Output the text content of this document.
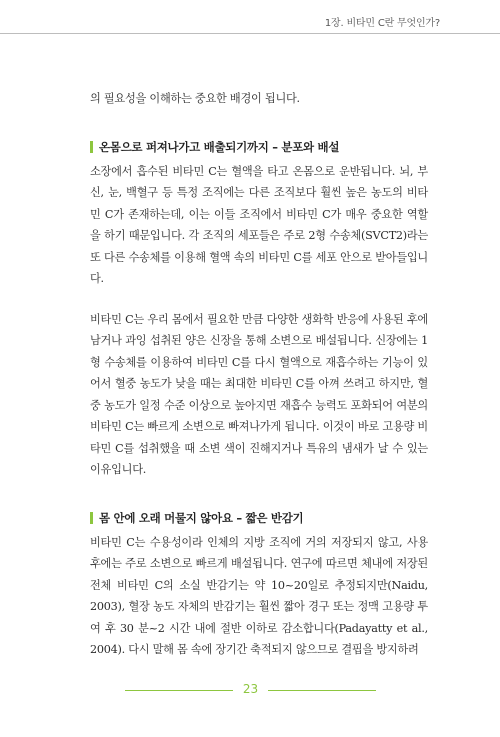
1장. 비타민 C란 무엇인가?

의 필요성을 이해하는 중요한 배경이 됩니다.

온몸으로 퍼져나가고 배출되기까지 – 분포와 배설

소장에서 흡수된 비타민 C는 혈액을 타고 온몸으로 운반됩니다. 뇌, 부신, 눈, 백혈구 등 특정 조직에는 다른 조직보다 훨씬 높은 농도의 비타민 C가 존재하는데, 이는 이들 조직에서 비타민 C가 매우 중요한 역할을 하기 때문입니다. 각 조직의 세포들은 주로 2형 수송체(SVCT2)라는 또 다른 수송체를 이용해 혈액 속의 비타민 C를 세포 안으로 받아들입니다.

비타민 C는 우리 몸에서 필요한 만큼 다양한 생화학 반응에 사용된 후에 남거나 과잉 섭취된 양은 신장을 통해 소변으로 배설됩니다. 신장에는 1형 수송체를 이용하여 비타민 C를 다시 혈액으로 재흡수하는 기능이 있어서 혈중 농도가 낮을 때는 최대한 비타민 C를 아껴 쓰려고 하지만, 혈중 농도가 일정 수준 이상으로 높아지면 재흡수 능력도 포화되어 여분의 비타민 C는 빠르게 소변으로 빠져나가게 됩니다. 이것이 바로 고용량 비타민 C를 섭취했을 때 소변 색이 진해지거나 특유의 냄새가 날 수 있는 이유입니다.

몸 안에 오래 머물지 않아요 – 짧은 반감기

비타민 C는 수용성이라 인체의 지방 조직에 거의 저장되지 않고, 사용 후에는 주로 소변으로 빠르게 배설됩니다. 연구에 따르면 체내에 저장된 전체 비타민 C의 소실 반감기는 약 10~20일로 추정되지만(Naidu, 2003), 혈장 농도 자체의 반감기는 훨씬 짧아 경구 또는 정맥 고용량 투여 후 30 분~2 시간 내에 절반 이하로 감소합니다(Padayatty et al., 2004). 다시 말해 몸 속에 장기간 축적되지 않으므로 결핍을 방지하려

23
